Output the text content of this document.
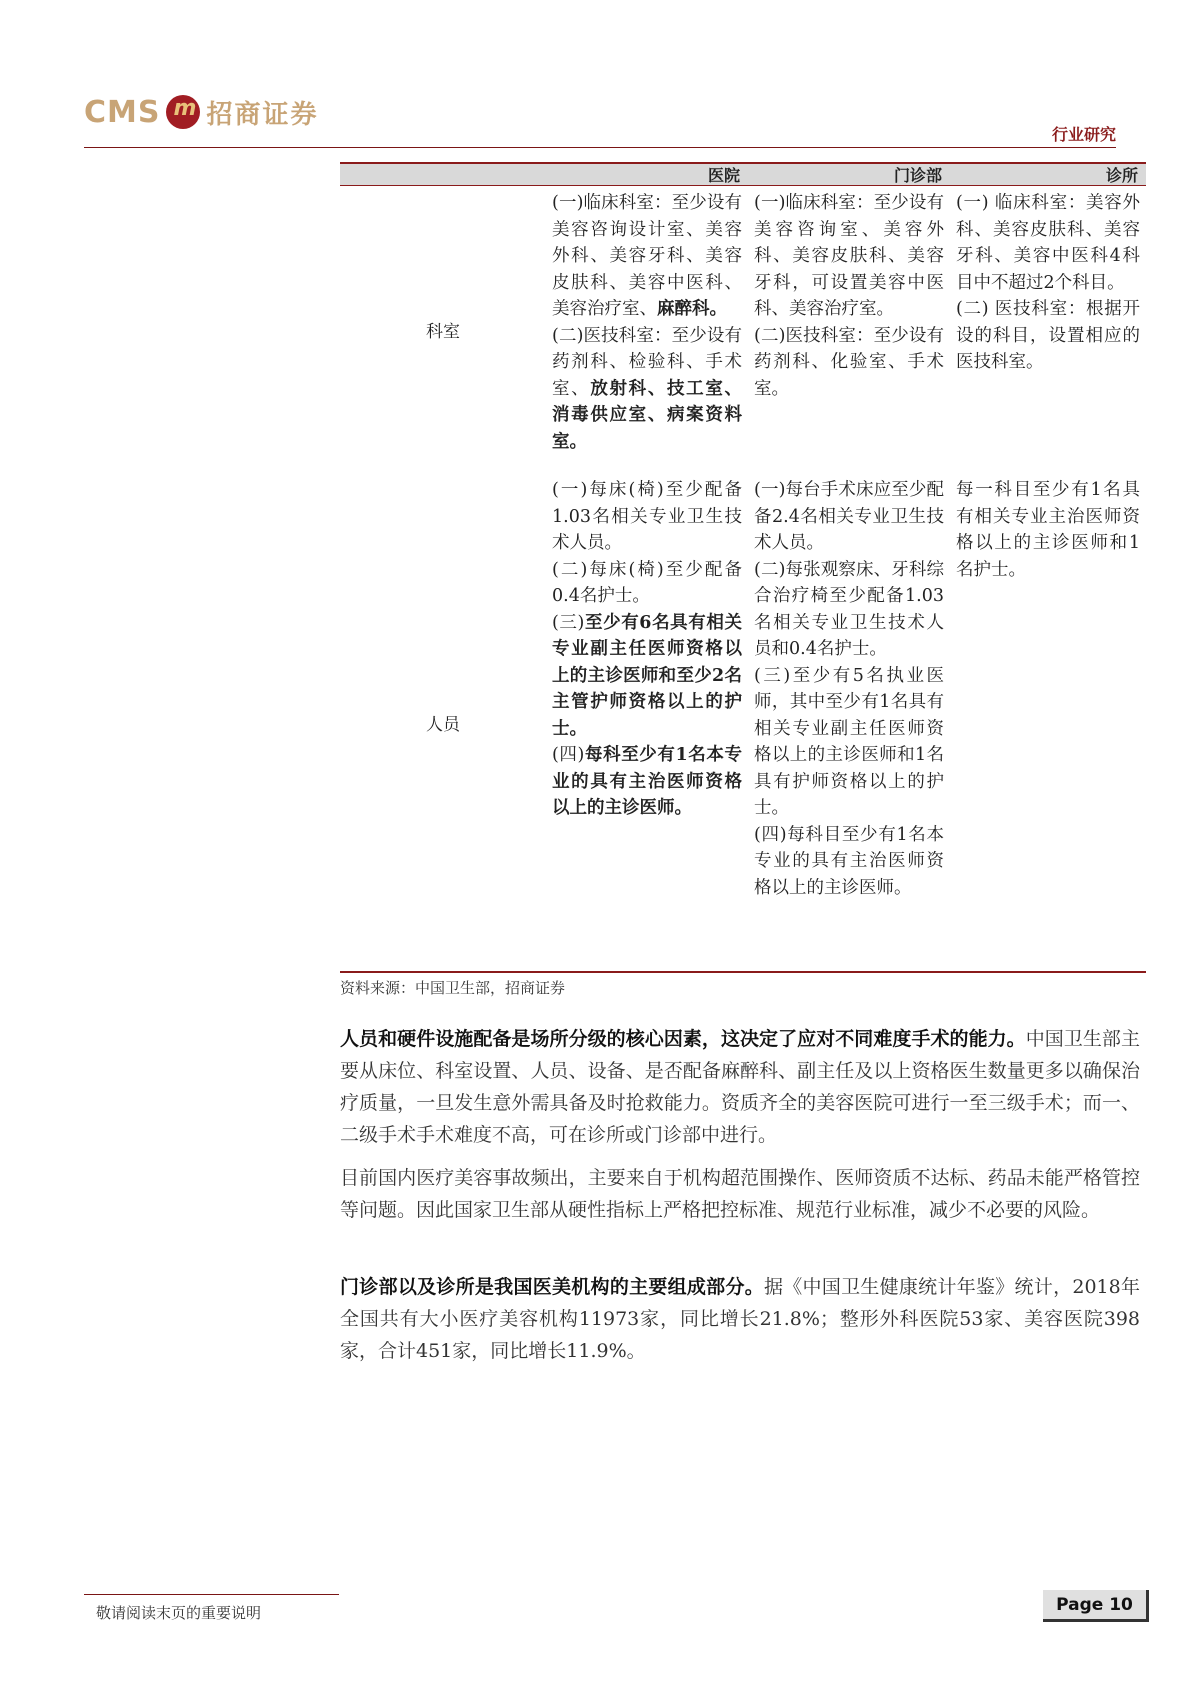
CMS
m 招商证券
行业研究
医院	门诊部	诊所
科室

(一)临床科室：至少设有美容咨询设计室、美容外科、美容牙科、美容皮肤科、美容中医科、美容治疗室、麻醉科。

(二)医技科室：至少设有药剂科、检验科、手术室、放射科、技工室、消毒供应室、病案资料室。

(一)临床科室：至少设有美容咨询室、美容外科、美容皮肤科、美容牙科，可设置美容中医科、美容治疗室。

(二)医技科室：至少设有药剂科、化验室、手术室。

(一) 临床科室：美容外科、美容皮肤科、美容牙科、美容中医科4科目中不超过2个科目。

(二) 医技科室：根据开设的科目，设置相应的医技科室。

人员

(一)每床(椅)至少配备1.03名相关专业卫生技术人员。

(二)每床(椅)至少配备0.4名护士。

(三)至少有6名具有相关专业副主任医师资格以上的主诊医师和至少2名主管护师资格以上的护士。

(四)每科至少有1名本专业的具有主治医师资格以上的主诊医师。

(一)每台手术床应至少配备2.4名相关专业卫生技术人员。

(二)每张观察床、牙科综合治疗椅至少配备1.03名相关专业卫生技术人员和0.4名护士。

(三)至少有5名执业医师，其中至少有1名具有相关专业副主任医师资格以上的主诊医师和1名具有护师资格以上的护士。

(四)每科目至少有1名本专业的具有主治医师资格以上的主诊医师。

每一科目至少有1名具有相关专业主治医师资格以上的主诊医师和1名护士。

资料来源：中国卫生部，招商证券

人员和硬件设施配备是场所分级的核心因素，这决定了应对不同难度手术的能力。中国卫生部主要从床位、科室设置、人员、设备、是否配备麻醉科、副主任及以上资格医生数量更多以确保治疗质量，一旦发生意外需具备及时抢救能力。资质齐全的美容医院可进行一至三级手术；而一、二级手术手术难度不高，可在诊所或门诊部中进行。

目前国内医疗美容事故频出，主要来自于机构超范围操作、医师资质不达标、药品未能严格管控等问题。因此国家卫生部从硬性指标上严格把控标准、规范行业标准，减少不必要的风险。

门诊部以及诊所是我国医美机构的主要组成部分。据《中国卫生健康统计年鉴》统计，2018年全国共有大小医疗美容机构11973家，同比增长21.8%；整形外科医院53家、美容医院398家，合计451家，同比增长11.9%。

敬请阅读末页的重要说明	Page 10
